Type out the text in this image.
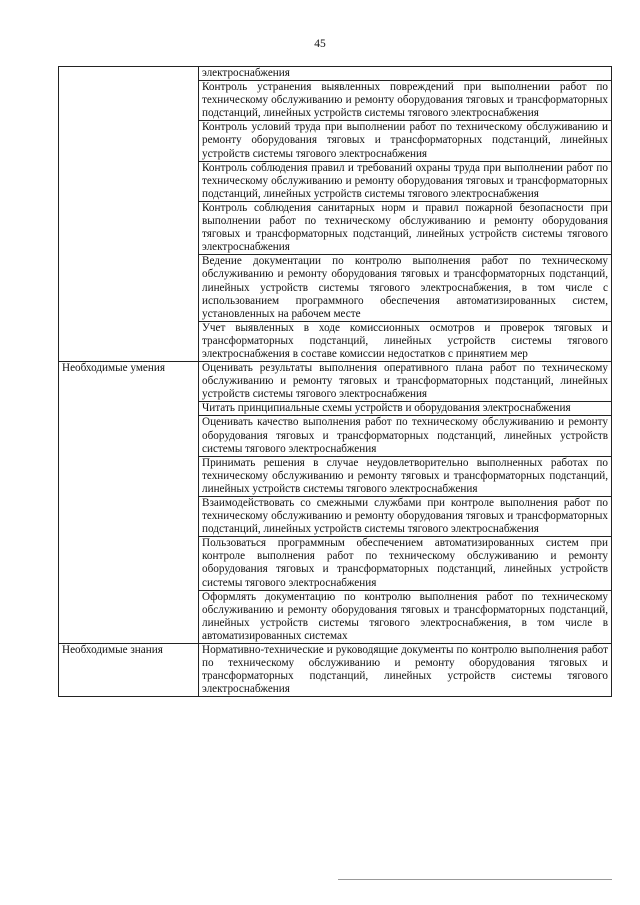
45

	электроснабжения

	Контроль устранения выявленных повреждений при выполнении работ по техническому обслуживанию и ремонту оборудования тяговых и трансформаторных подстанций, линейных устройств системы тягового электроснабжения

	Контроль условий труда при выполнении работ по техническому обслуживанию и ремонту оборудования тяговых и трансформаторных подстанций, линейных устройств системы тягового электроснабжения

	Контроль соблюдения правил и требований охраны труда при выполнении работ по техническому обслуживанию и ремонту оборудования тяговых и трансформаторных подстанций, линейных устройств системы тягового электроснабжения

	Контроль соблюдения санитарных норм и правил пожарной безопасности при выполнении работ по техническому обслуживанию и ремонту оборудования тяговых и трансформаторных подстанций, линейных устройств системы тягового электроснабжения

	Ведение документации по контролю выполнения работ по техническому обслуживанию и ремонту оборудования тяговых и трансформаторных подстанций, линейных устройств системы тягового электроснабжения, в том числе с использованием программного обеспечения автоматизированных систем, установленных на рабочем месте

	Учет выявленных в ходе комиссионных осмотров и проверок тяговых и трансформаторных подстанций, линейных устройств системы тягового электроснабжения в составе комиссии недостатков с принятием мер

Необходимые умения	Оценивать результаты выполнения оперативного плана работ по техническому обслуживанию и ремонту тяговых и трансформаторных подстанций, линейных устройств системы тягового электроснабжения

	Читать принципиальные схемы устройств и оборудования электроснабжения

	Оценивать качество выполнения работ по техническому обслуживанию и ремонту оборудования тяговых и трансформаторных подстанций, линейных устройств системы тягового электроснабжения

	Принимать решения в случае неудовлетворительно выполненных работах по техническому обслуживанию и ремонту тяговых и трансформаторных подстанций, линейных устройств системы тягового электроснабжения

	Взаимодействовать со смежными службами при контроле выполнения работ по техническому обслуживанию и ремонту оборудования тяговых и трансформаторных подстанций, линейных устройств системы тягового электроснабжения

	Пользоваться программным обеспечением автоматизированных систем при контроле выполнения работ по техническому обслуживанию и ремонту оборудования тяговых и трансформаторных подстанций, линейных устройств системы тягового электроснабжения

	Оформлять документацию по контролю выполнения работ по техническому обслуживанию и ремонту оборудования тяговых и трансформаторных подстанций, линейных устройств системы тягового электроснабжения, в том числе в автоматизированных системах

Необходимые знания	Нормативно-технические и руководящие документы по контролю выполнения работ по техническому обслуживанию и ремонту оборудования тяговых и трансформаторных подстанций, линейных устройств системы тягового электроснабжения
